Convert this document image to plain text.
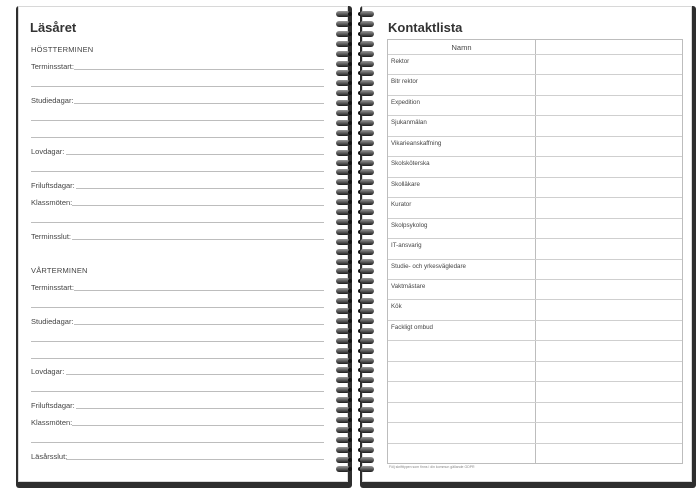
Läsåret
HÖSTTERMINEN
Terminsstart:
Studiedagar:
Lovdagar:
Friluftsdagar:
Klassmöten:
Terminsslut:
VÅRTERMINEN
Terminsstart:
Studiedagar:
Lovdagar:
Friluftsdagar:
Klassmöten:
Läsårsslut:
Kontaktlista
Namn
Rektor
Bitr rektor
Expedition
Sjukanmälan
Vikarieanskaffning
Skolsköterska
Skolläkare
Kurator
Skolpsykolog
IT-ansvarig
Studie- och yrkesvägledare
Vaktmästare
Kök
Fackligt ombud
Följ skrifttypen som finns i din kommun gällande GDPR
